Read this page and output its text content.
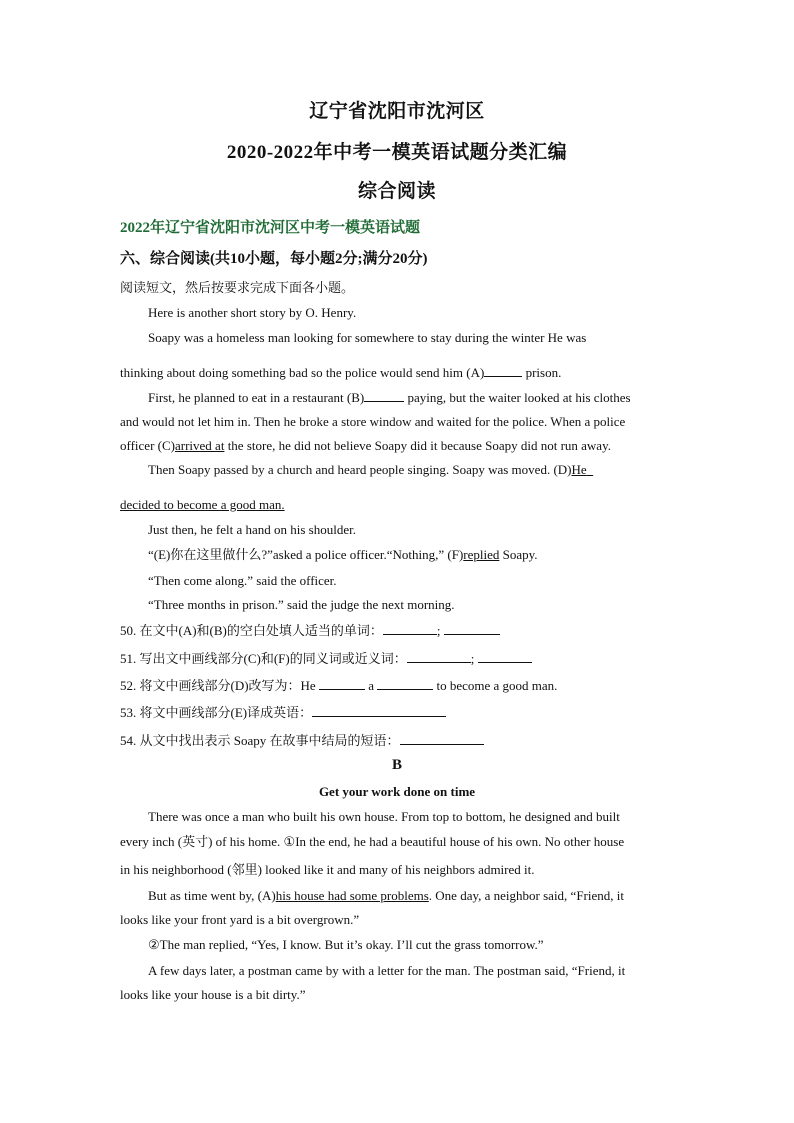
辽宁省沈阳市沈河区
2020-2022年中考一模英语试题分类汇编
综合阅读
2022年辽宁省沈阳市沈河区中考一模英语试题
六、综合阅读(共10小题，每小题2分;满分20分)
阅读短文，然后按要求完成下面各小题。
Here is another short story by O. Henry.
Soapy was a homeless man looking for somewhere to stay during the winter He was
thinking about doing something bad so the police would send him (A)	prison.
First, he planned to eat in a restaurant (B)	paying, but the waiter looked at his clothes
and would not let him in. Then he broke a store window and waited for the police. When a police
officer (C)arrived at the store, he did not believe Soapy did it because Soapy did not run away.
Then Soapy passed by a church and heard people singing. Soapy was moved. (D)He
decided to become a good man.
Just then, he felt a hand on his shoulder.
“(E)你在这里做什么?”asked a police officer.“Nothing,” (F)replied Soapy.
“Then come along.” said the officer.
“Three months in prison.” said the judge the next morning.
50. 在文中(A)和(B)的空白处填人适当的单词：	;
51. 写出文中画线部分(C)和(F)的同义词或近义词：	;
52. 将文中画线部分(D)改写为：He	a	to become a good man.
53. 将文中画线部分(E)译成英语：
54. 从文中找出表示 Soapy 在故事中结局的短语：
B
Get your work done on time
There was once a man who built his own house. From top to bottom, he designed and built
every inch (英寸) of his home. ①In the end, he had a beautiful house of his own. No other house
in his neighborhood (邻里) looked like it and many of his neighbors admired it.
But as time went by, (A)his house had some problems. One day, a neighbor said, “Friend, it
looks like your front yard is a bit overgrown.”
②The man replied, “Yes, I know. But it’s okay. I’ll cut the grass tomorrow.”
A few days later, a postman came by with a letter for the man. The postman said, “Friend, it
looks like your house is a bit dirty.”
